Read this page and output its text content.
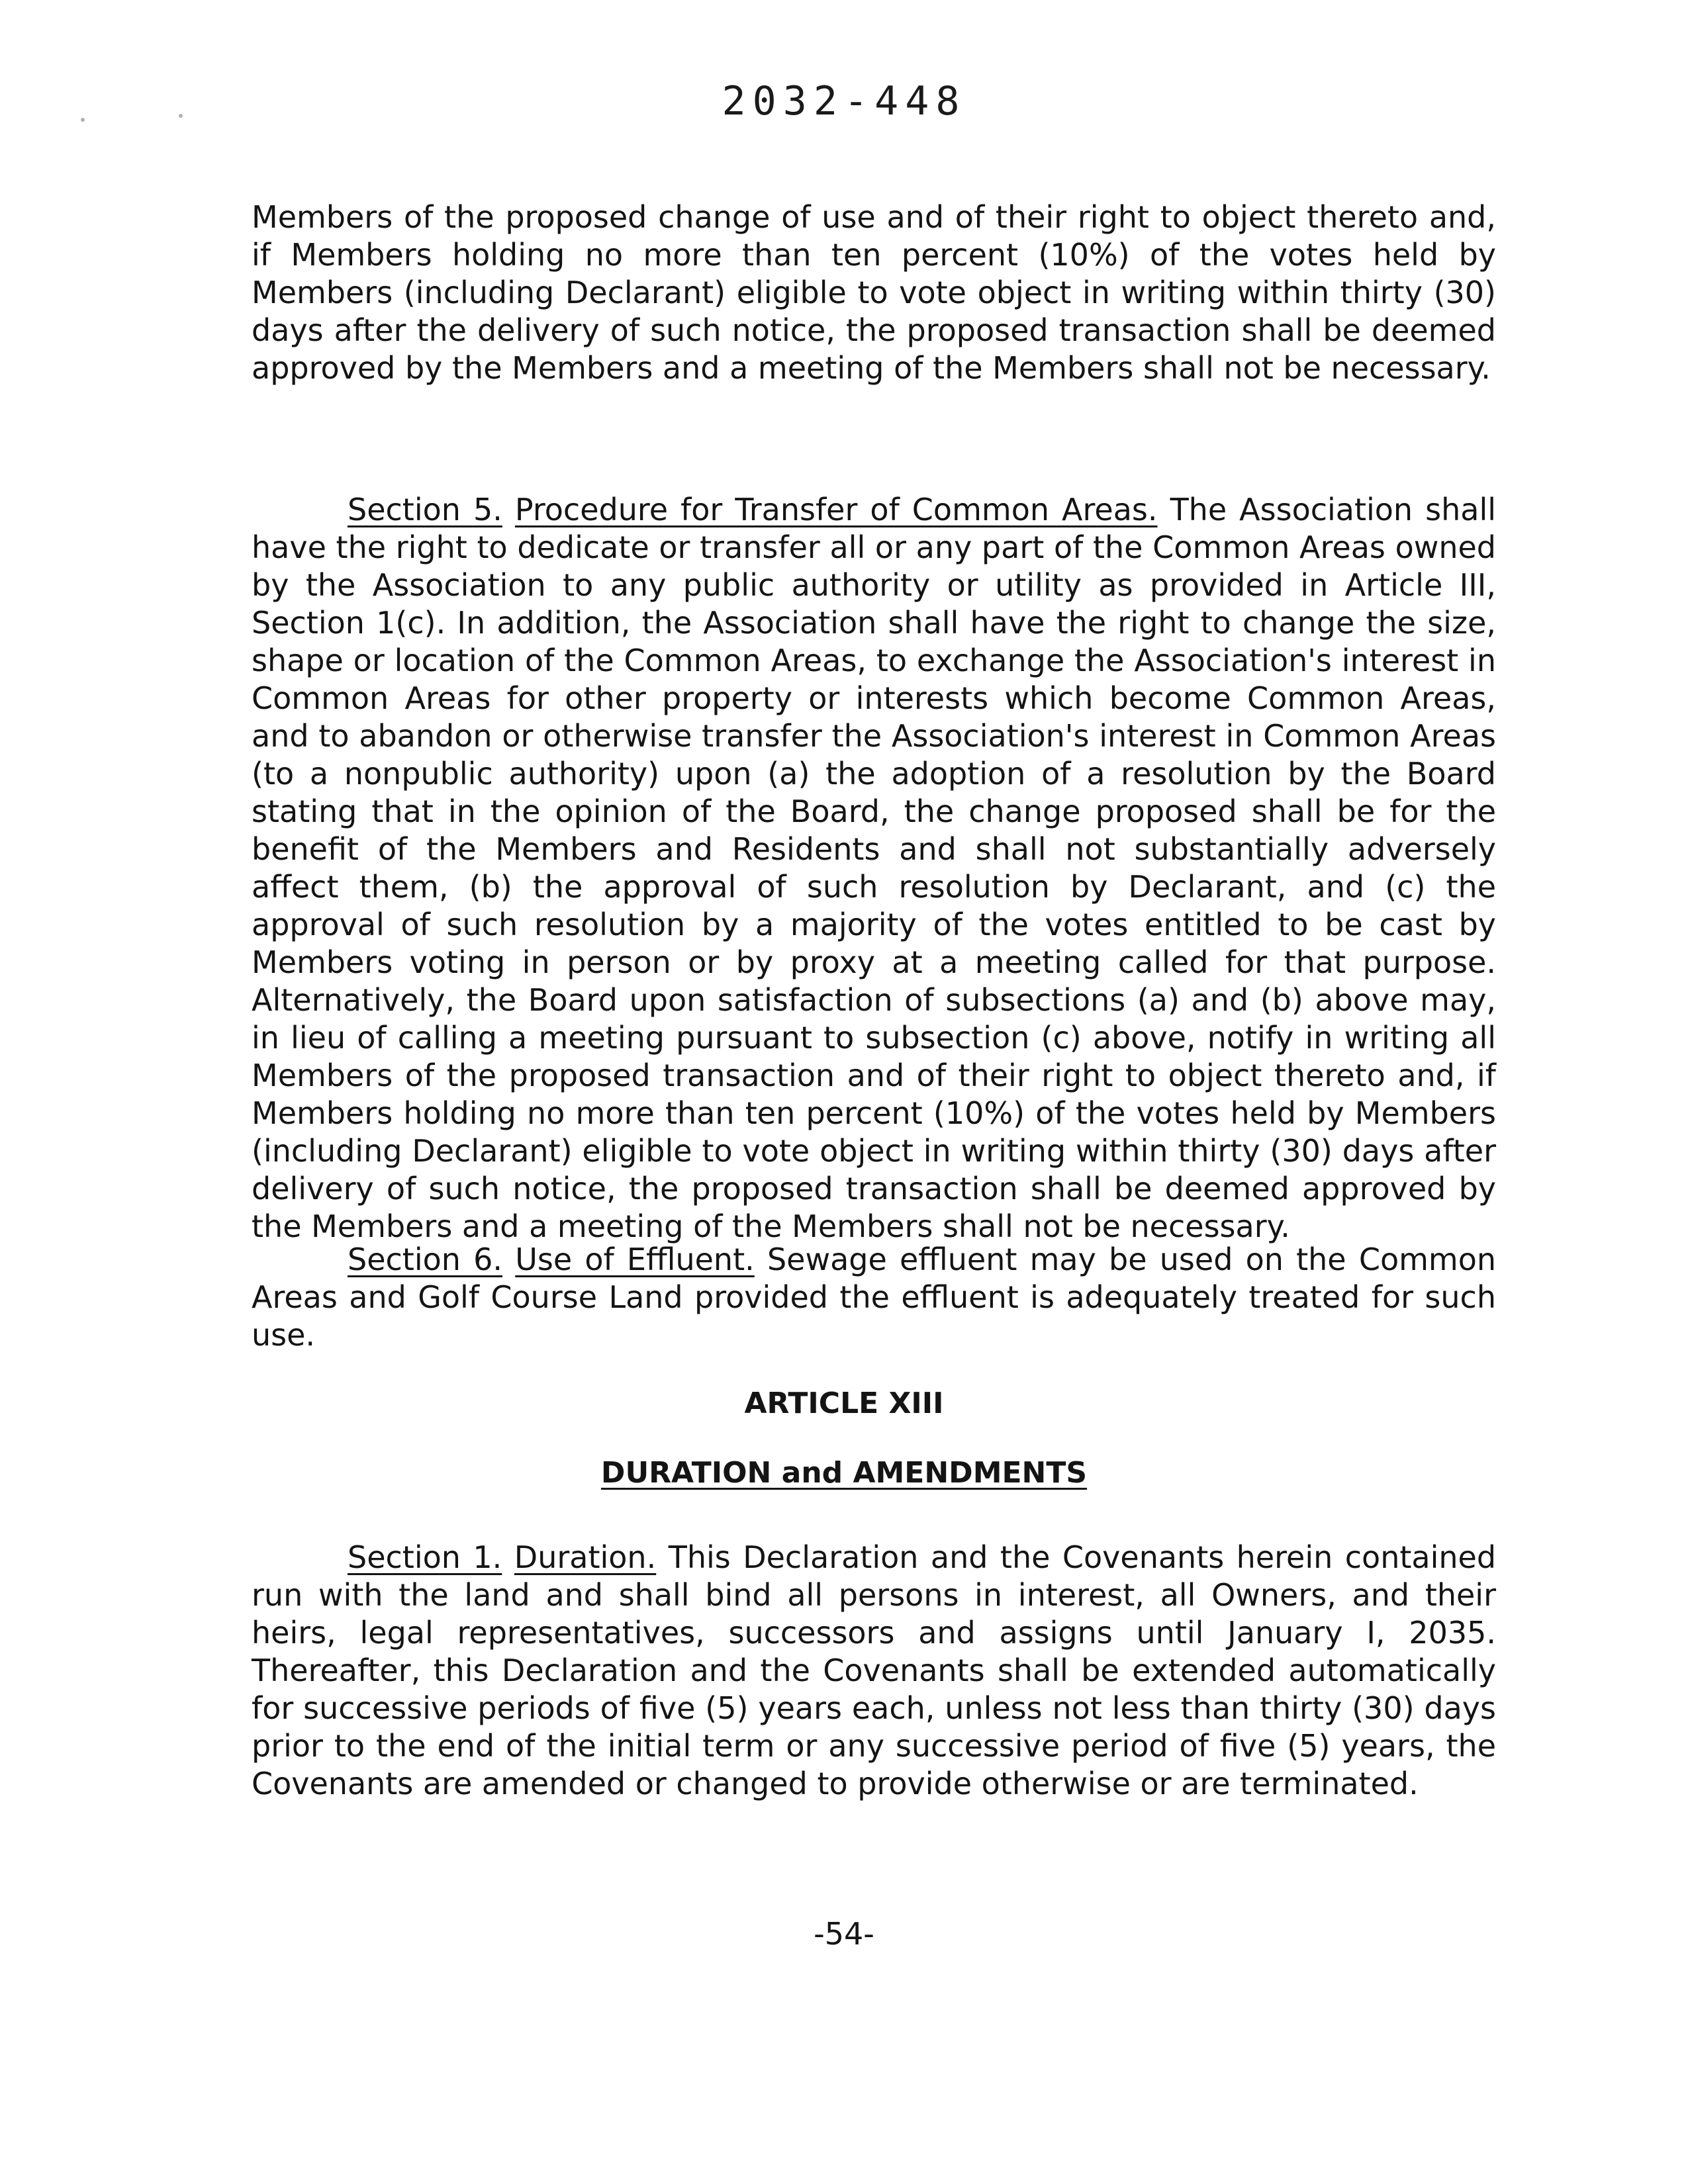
2032-448

Members of the proposed change of use and of their right to object thereto and, if Members holding no more than ten percent (10%) of the votes held by Members (including Declarant) eligible to vote object in writing within thirty (30) days after the delivery of such notice, the proposed transaction shall be deemed approved by the Members and a meeting of the Members shall not be necessary.

Section 5. Procedure for Transfer of Common Areas. The Association shall have the right to dedicate or transfer all or any part of the Common Areas owned by the Association to any public authority or utility as provided in Article III, Section 1(c). In addition, the Association shall have the right to change the size, shape or location of the Common Areas, to exchange the Association's interest in Common Areas for other property or interests which become Common Areas, and to abandon or otherwise transfer the Association's interest in Common Areas (to a nonpublic authority) upon (a) the adoption of a resolution by the Board stating that in the opinion of the Board, the change proposed shall be for the benefit of the Members and Residents and shall not substantially adversely affect them, (b) the approval of such resolution by Declarant, and (c) the approval of such resolution by a majority of the votes entitled to be cast by Members voting in person or by proxy at a meeting called for that purpose. Alternatively, the Board upon satisfaction of subsections (a) and (b) above may, in lieu of calling a meeting pursuant to subsection (c) above, notify in writing all Members of the proposed transaction and of their right to object thereto and, if Members holding no more than ten percent (10%) of the votes held by Members (including Declarant) eligible to vote object in writing within thirty (30) days after delivery of such notice, the proposed transaction shall be deemed approved by the Members and a meeting of the Members shall not be necessary.

Section 6. Use of Effluent. Sewage effluent may be used on the Common Areas and Golf Course Land provided the effluent is adequately treated for such use.

ARTICLE XIII

DURATION and AMENDMENTS

Section 1. Duration. This Declaration and the Covenants herein contained run with the land and shall bind all persons in interest, all Owners, and their heirs, legal representatives, successors and assigns until January I, 2035. Thereafter, this Declaration and the Covenants shall be extended automatically for successive periods of five (5) years each, unless not less than thirty (30) days prior to the end of the initial term or any successive period of five (5) years, the Covenants are amended or changed to provide otherwise or are terminated.

-54-
